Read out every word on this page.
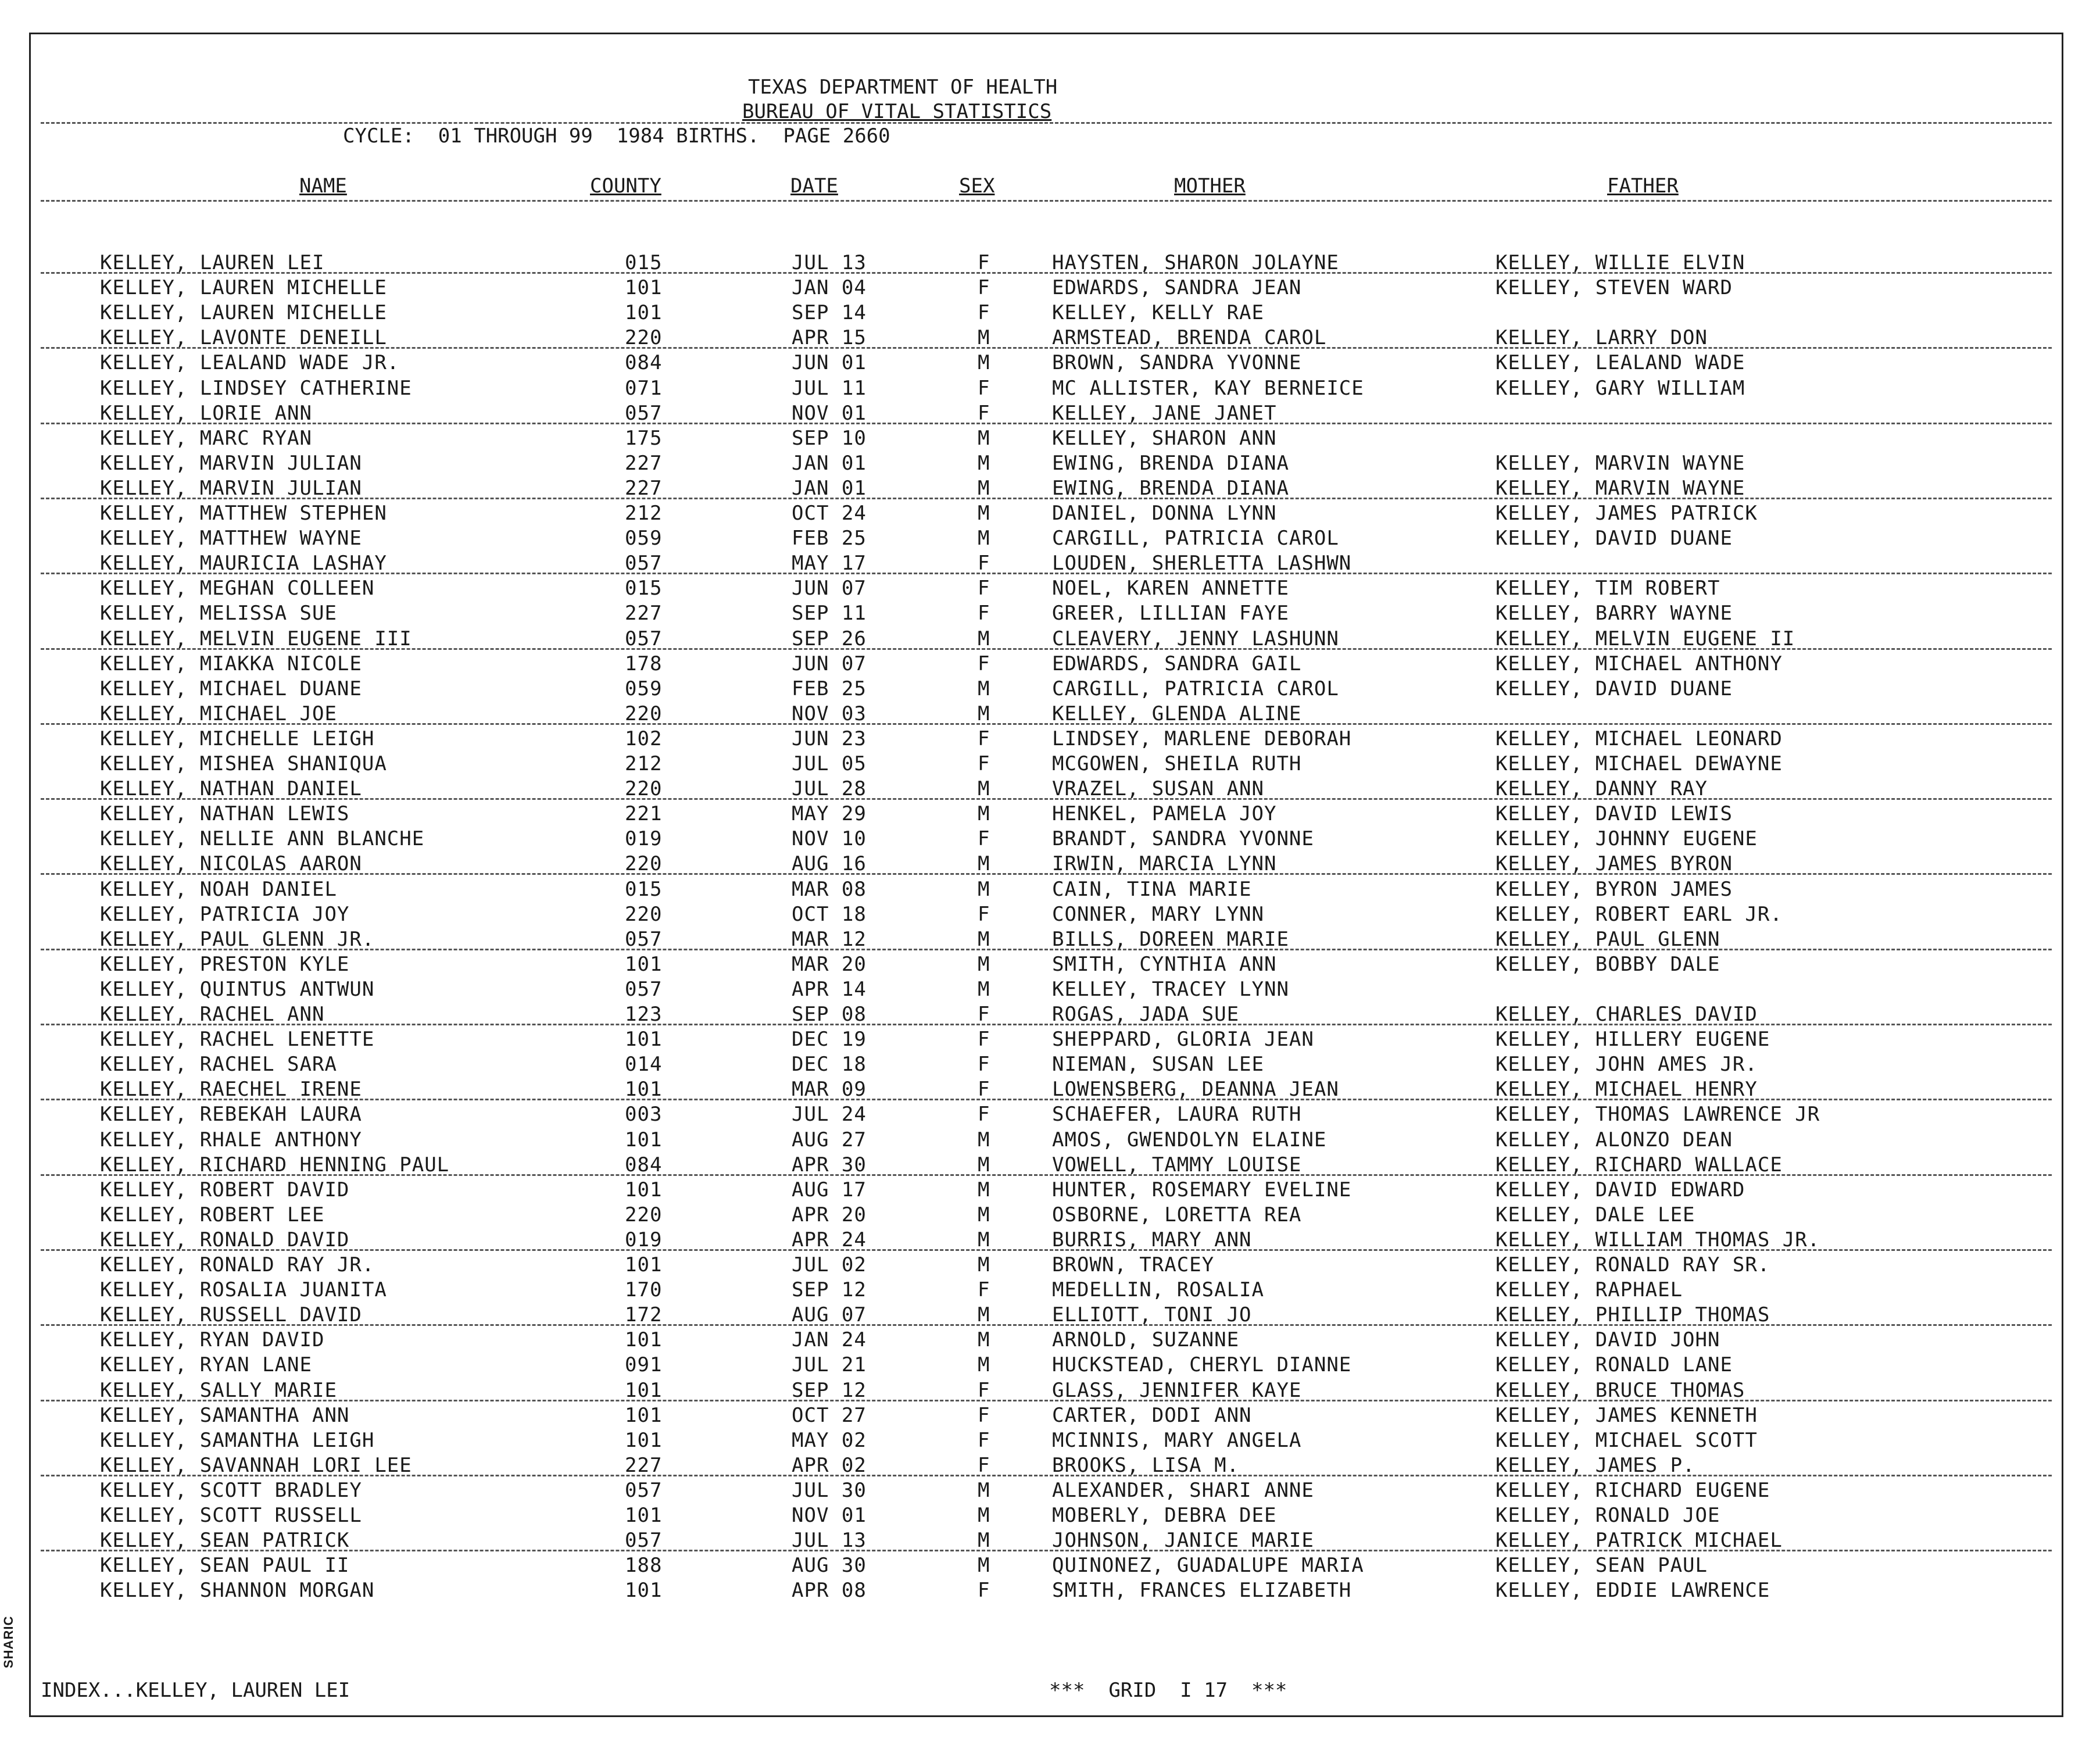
TEXAS DEPARTMENT OF HEALTH
BUREAU OF VITAL STATISTICS
CYCLE:  01 THROUGH 99  1984 BIRTHS.  PAGE 2660
NAME	COUNTY	DATE	SEX	MOTHER	FATHER
KELLEY, LAUREN LEI	015	JUL 13	F	HAYSTEN, SHARON JOLAYNE	KELLEY, WILLIE ELVIN
KELLEY, LAUREN MICHELLE	101	JAN 04	F	EDWARDS, SANDRA JEAN	KELLEY, STEVEN WARD
KELLEY, LAUREN MICHELLE	101	SEP 14	F	KELLEY, KELLY RAE
KELLEY, LAVONTE DENEILL	220	APR 15	M	ARMSTEAD, BRENDA CAROL	KELLEY, LARRY DON
KELLEY, LEALAND WADE JR.	084	JUN 01	M	BROWN, SANDRA YVONNE	KELLEY, LEALAND WADE
KELLEY, LINDSEY CATHERINE	071	JUL 11	F	MC ALLISTER, KAY BERNEICE	KELLEY, GARY WILLIAM
KELLEY, LORIE ANN	057	NOV 01	F	KELLEY, JANE JANET
KELLEY, MARC RYAN	175	SEP 10	M	KELLEY, SHARON ANN
KELLEY, MARVIN JULIAN	227	JAN 01	M	EWING, BRENDA DIANA	KELLEY, MARVIN WAYNE
KELLEY, MARVIN JULIAN	227	JAN 01	M	EWING, BRENDA DIANA	KELLEY, MARVIN WAYNE
KELLEY, MATTHEW STEPHEN	212	OCT 24	M	DANIEL, DONNA LYNN	KELLEY, JAMES PATRICK
KELLEY, MATTHEW WAYNE	059	FEB 25	M	CARGILL, PATRICIA CAROL	KELLEY, DAVID DUANE
KELLEY, MAURICIA LASHAY	057	MAY 17	F	LOUDEN, SHERLETTA LASHWN
KELLEY, MEGHAN COLLEEN	015	JUN 07	F	NOEL, KAREN ANNETTE	KELLEY, TIM ROBERT
KELLEY, MELISSA SUE	227	SEP 11	F	GREER, LILLIAN FAYE	KELLEY, BARRY WAYNE
KELLEY, MELVIN EUGENE III	057	SEP 26	M	CLEAVERY, JENNY LASHUNN	KELLEY, MELVIN EUGENE II
KELLEY, MIAKKA NICOLE	178	JUN 07	F	EDWARDS, SANDRA GAIL	KELLEY, MICHAEL ANTHONY
KELLEY, MICHAEL DUANE	059	FEB 25	M	CARGILL, PATRICIA CAROL	KELLEY, DAVID DUANE
KELLEY, MICHAEL JOE	220	NOV 03	M	KELLEY, GLENDA ALINE
KELLEY, MICHELLE LEIGH	102	JUN 23	F	LINDSEY, MARLENE DEBORAH	KELLEY, MICHAEL LEONARD
KELLEY, MISHEA SHANIQUA	212	JUL 05	F	MCGOWEN, SHEILA RUTH	KELLEY, MICHAEL DEWAYNE
KELLEY, NATHAN DANIEL	220	JUL 28	M	VRAZEL, SUSAN ANN	KELLEY, DANNY RAY
KELLEY, NATHAN LEWIS	221	MAY 29	M	HENKEL, PAMELA JOY	KELLEY, DAVID LEWIS
KELLEY, NELLIE ANN BLANCHE	019	NOV 10	F	BRANDT, SANDRA YVONNE	KELLEY, JOHNNY EUGENE
KELLEY, NICOLAS AARON	220	AUG 16	M	IRWIN, MARCIA LYNN	KELLEY, JAMES BYRON
KELLEY, NOAH DANIEL	015	MAR 08	M	CAIN, TINA MARIE	KELLEY, BYRON JAMES
KELLEY, PATRICIA JOY	220	OCT 18	F	CONNER, MARY LYNN	KELLEY, ROBERT EARL JR.
KELLEY, PAUL GLENN JR.	057	MAR 12	M	BILLS, DOREEN MARIE	KELLEY, PAUL GLENN
KELLEY, PRESTON KYLE	101	MAR 20	M	SMITH, CYNTHIA ANN	KELLEY, BOBBY DALE
KELLEY, QUINTUS ANTWUN	057	APR 14	M	KELLEY, TRACEY LYNN
KELLEY, RACHEL ANN	123	SEP 08	F	ROGAS, JADA SUE	KELLEY, CHARLES DAVID
KELLEY, RACHEL LENETTE	101	DEC 19	F	SHEPPARD, GLORIA JEAN	KELLEY, HILLERY EUGENE
KELLEY, RACHEL SARA	014	DEC 18	F	NIEMAN, SUSAN LEE	KELLEY, JOHN AMES JR.
KELLEY, RAECHEL IRENE	101	MAR 09	F	LOWENSBERG, DEANNA JEAN	KELLEY, MICHAEL HENRY
KELLEY, REBEKAH LAURA	003	JUL 24	F	SCHAEFER, LAURA RUTH	KELLEY, THOMAS LAWRENCE JR
KELLEY, RHALE ANTHONY	101	AUG 27	M	AMOS, GWENDOLYN ELAINE	KELLEY, ALONZO DEAN
KELLEY, RICHARD HENNING PAUL	084	APR 30	M	VOWELL, TAMMY LOUISE	KELLEY, RICHARD WALLACE
KELLEY, ROBERT DAVID	101	AUG 17	M	HUNTER, ROSEMARY EVELINE	KELLEY, DAVID EDWARD
KELLEY, ROBERT LEE	220	APR 20	M	OSBORNE, LORETTA REA	KELLEY, DALE LEE
KELLEY, RONALD DAVID	019	APR 24	M	BURRIS, MARY ANN	KELLEY, WILLIAM THOMAS JR.
KELLEY, RONALD RAY JR.	101	JUL 02	M	BROWN, TRACEY	KELLEY, RONALD RAY SR.
KELLEY, ROSALIA JUANITA	170	SEP 12	F	MEDELLIN, ROSALIA	KELLEY, RAPHAEL
KELLEY, RUSSELL DAVID	172	AUG 07	M	ELLIOTT, TONI JO	KELLEY, PHILLIP THOMAS
KELLEY, RYAN DAVID	101	JAN 24	M	ARNOLD, SUZANNE	KELLEY, DAVID JOHN
KELLEY, RYAN LANE	091	JUL 21	M	HUCKSTEAD, CHERYL DIANNE	KELLEY, RONALD LANE
KELLEY, SALLY MARIE	101	SEP 12	F	GLASS, JENNIFER KAYE	KELLEY, BRUCE THOMAS
KELLEY, SAMANTHA ANN	101	OCT 27	F	CARTER, DODI ANN	KELLEY, JAMES KENNETH
KELLEY, SAMANTHA LEIGH	101	MAY 02	F	MCINNIS, MARY ANGELA	KELLEY, MICHAEL SCOTT
KELLEY, SAVANNAH LORI LEE	227	APR 02	F	BROOKS, LISA M.	KELLEY, JAMES P.
KELLEY, SCOTT BRADLEY	057	JUL 30	M	ALEXANDER, SHARI ANNE	KELLEY, RICHARD EUGENE
KELLEY, SCOTT RUSSELL	101	NOV 01	M	MOBERLY, DEBRA DEE	KELLEY, RONALD JOE
KELLEY, SEAN PATRICK	057	JUL 13	M	JOHNSON, JANICE MARIE	KELLEY, PATRICK MICHAEL
KELLEY, SEAN PAUL II	188	AUG 30	M	QUINONEZ, GUADALUPE MARIA	KELLEY, SEAN PAUL
KELLEY, SHANNON MORGAN	101	APR 08	F	SMITH, FRANCES ELIZABETH	KELLEY, EDDIE LAWRENCE
INDEX...KELLEY, LAUREN LEI	***  GRID  I 17  ***
SHARIC
